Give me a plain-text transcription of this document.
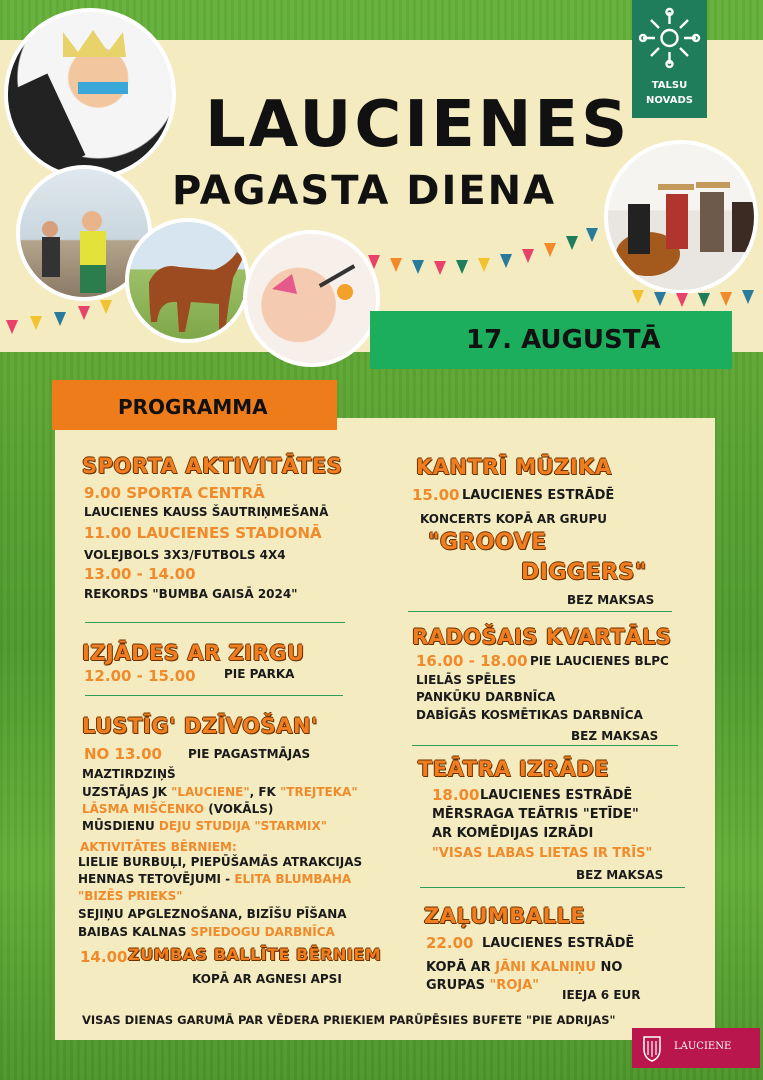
TALSU
NOVADS
LAUCIENES
PAGASTA DIENA
17. AUGUSTĀ
PROGRAMMA
SPORTA AKTIVITĀTES
9.00 SPORTA CENTRĀ
LAUCIENES KAUSS ŠAUTRIŅMEŠANĀ
11.00 LAUCIENES STADIONĀ
VOLEJBOLS 3X3/FUTBOLS 4X4
13.00 - 14.00
REKORDS "BUMBA GAISĀ 2024"
IZJĀDES AR ZIRGU
12.00 - 15.00 PIE PARKA
LUSTĪG' DZĪVOŠAN'
NO 13.00 PIE PAGASTMĀJAS
MAZTIRDZIŅŠ
UZSTĀJAS JK "LAUCIENE", FK "TREJTEKA"
LĀSMA MIŠČENKO (VOKĀLS)
MŪSDIENU DEJU STUDIJA "STARMIX"
AKTIVITĀTES BĒRNIEM:
LIELIE BURBUĻI, PIEPŪŠAMĀS ATRAKCIJAS
HENNAS TETOVĒJUMI - ELITA BLUMBAHA
"BIZĒS PRIEKS"
SEJIŅU APGLEZNOŠANA, BIZĪŠU PĪŠANA
BAIBAS KALNAS SPIEDOGU DARBNĪCA
14.00 ZUMBAS BALLĪTE BĒRNIEM
KOPĀ AR AGNESI APSI
KANTRĪ MŪZIKA
15.00 LAUCIENES ESTRĀDĒ
KONCERTS KOPĀ AR GRUPU
"GROOVE
DIGGERS"
BEZ MAKSAS
RADOŠAIS KVARTĀLS
16.00 - 18.00 PIE LAUCIENES BLPC
LIELĀS SPĒLES
PANKŪKU DARBNĪCA
DABĪGĀS KOSMĒTIKAS DARBNĪCA
BEZ MAKSAS
TEĀTRA IZRĀDE
18.00 LAUCIENES ESTRĀDĒ
MĒRSRAGA TEĀTRIS "ETĪDE"
AR KOMĒDIJAS IZRĀDI
"VISAS LABAS LIETAS IR TRĪS"
BEZ MAKSAS
ZAĻUMBALLE
22.00 LAUCIENES ESTRĀDĒ
KOPĀ AR JĀNI KALNIŅU NO
GRUPAS "ROJA"
IEEJA 6 EUR
VISAS DIENAS GARUMĀ PAR VĒDERA PRIEKIEM PARŪPĒSIES BUFETE "PIE ADRIJAS"
LAUCIENE
